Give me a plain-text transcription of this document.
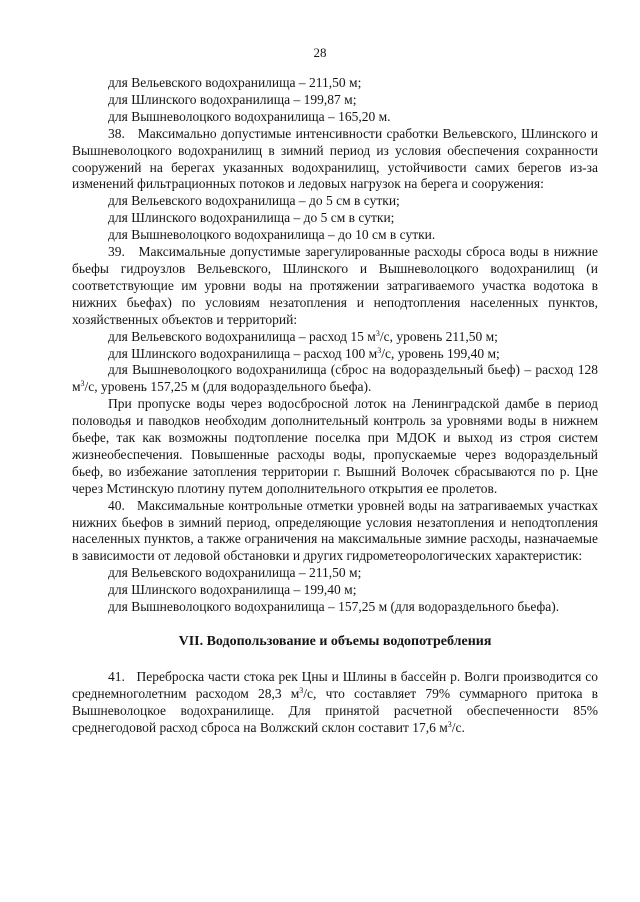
28

для Вельевского водохранилища – 211,50 м;

для Шлинского водохранилища – 199,87 м;

для Вышневолоцкого водохранилища – 165,20 м.

38.   Максимально допустимые интенсивности сработки Вельевского, Шлинского и Вышневолоцкого водохранилищ в зимний период из условия обеспечения сохранности сооружений на берегах указанных водохранилищ, устойчивости самих берегов из-за изменений фильтрационных потоков и ледовых нагрузок на берега и сооружения:

для Вельевского водохранилища – до 5 см в сутки;

для Шлинского водохранилища – до 5 см в сутки;

для Вышневолоцкого водохранилища – до 10 см в сутки.

39.   Максимальные допустимые зарегулированные расходы сброса воды в нижние бьефы гидроузлов Вельевского, Шлинского и Вышневолоцкого водохранилищ (и соответствующие им уровни воды на протяжении затрагиваемого участка водотока в нижних бьефах) по условиям незатопления и неподтопления населенных пунктов, хозяйственных объектов и территорий:

для Вельевского водохранилища – расход 15 $м^3/с$, уровень 211,50 м;

для Шлинского водохранилища – расход 100 $м^3/с$, уровень 199,40 м;

для Вышневолоцкого водохранилища (сброс на водораздельный бьеф) – расход 128 $м^3/с$, уровень 157,25 м (для водораздельного бьефа).

При пропуске воды через водосбросной лоток на Ленинградской дамбе в период половодья и паводков необходим дополнительный контроль за уровнями воды в нижнем бьефе, так как возможны подтопление поселка при МДОК и выход из строя систем жизнеобеспечения. Повышенные расходы воды, пропускаемые через водораздельный бьеф, во избежание затопления территории г. Вышний Волочек сбрасываются по р. Цне через Мстинскую плотину путем дополнительного открытия ее пролетов.

40.   Максимальные контрольные отметки уровней воды на затрагиваемых участках нижних бьефов в зимний период, определяющие условия незатопления и неподтопления населенных пунктов, а также ограничения на максимальные зимние расходы, назначаемые в зависимости от ледовой обстановки и других гидрометеорологических характеристик:

для Вельевского водохранилища – 211,50 м;

для Шлинского водохранилища – 199,40 м;

для Вышневолоцкого водохранилища – 157,25 м (для водораздельного бьефа).

VII. Водопользование и объемы водопотребления

41.   Переброска части стока рек Цны и Шлины в бассейн р. Волги производится со среднемноголетним расходом 28,3 $м^3/с$, что составляет 79% суммарного притока в Вышневолоцкое водохранилище. Для принятой расчетной обеспеченности 85% среднегодовой расход сброса на Волжский склон составит 17,6 $м^3/с$.
